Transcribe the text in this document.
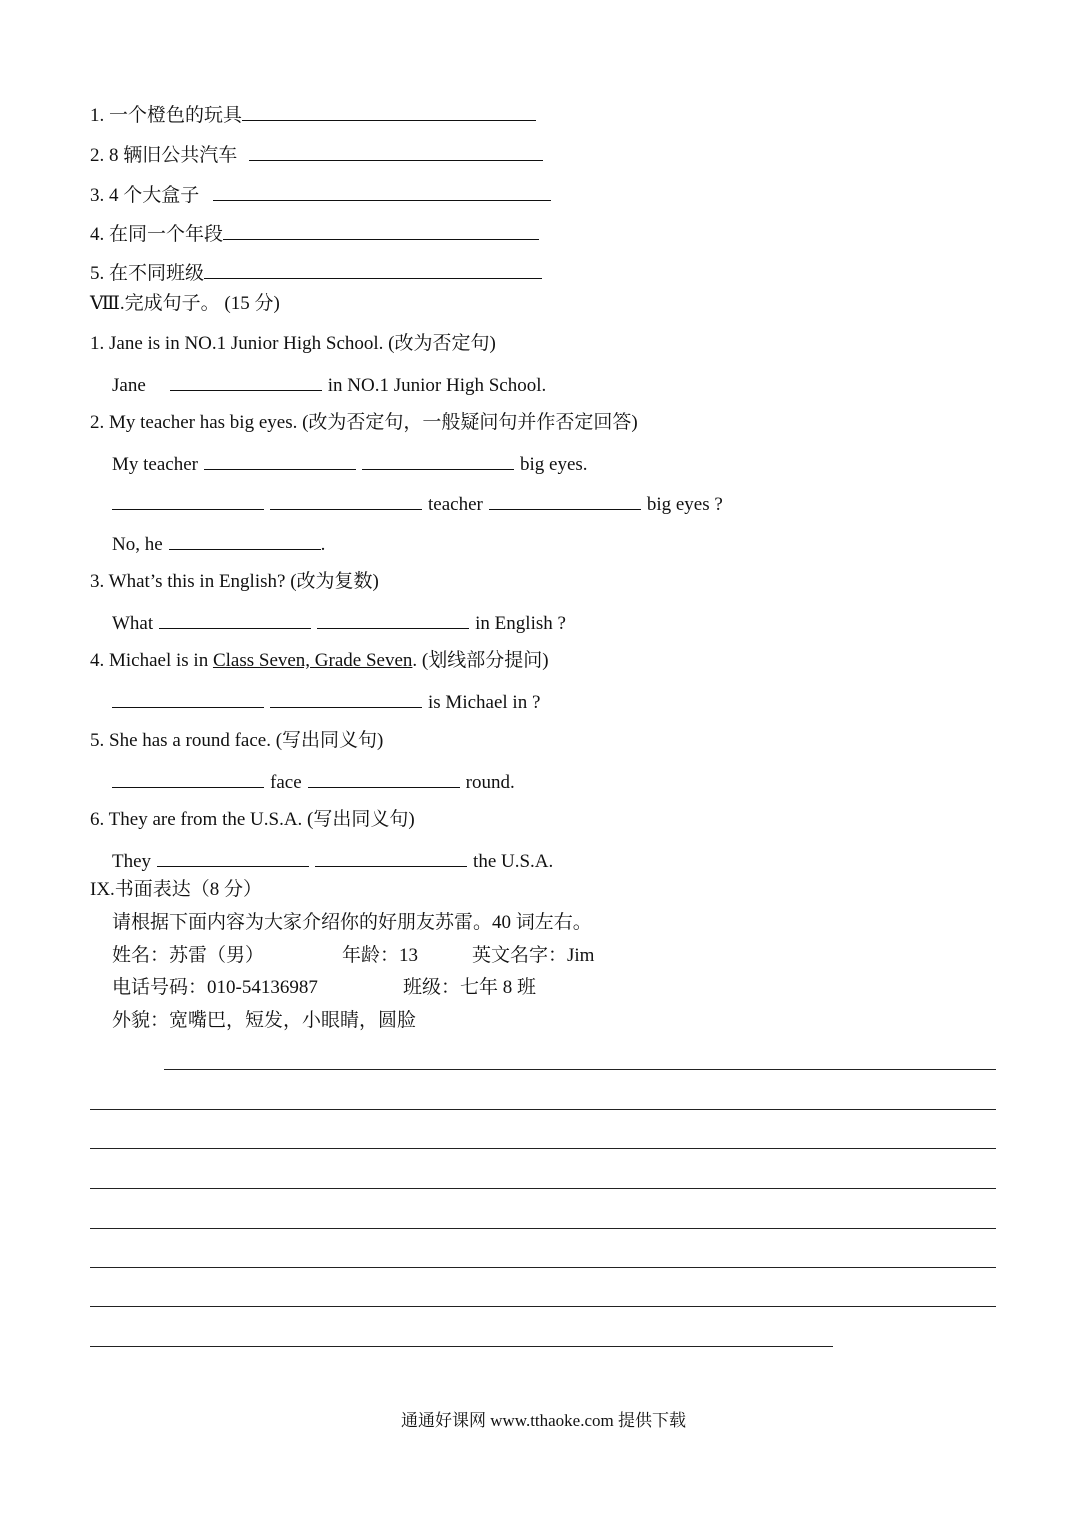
1. 一个橙色的玩具
2. 8 辆旧公共汽车
3. 4 个大盒子
4. 在同一个年段
5. 在不同班级
Ⅷ.完成句子。 (15 分)
1. Jane is in NO.1 Junior High School. (改为否定句)
Jane	in NO.1 Junior High School.
2. My teacher has big eyes. (改为否定句，一般疑问句并作否定回答)
My teacher	big eyes.
teacher	big eyes ?
No, he	.
3. What’s this in English? (改为复数)
What	in English ?
4. Michael is in Class Seven, Grade Seven. (划线部分提问)
is Michael in ?
5. She has a round face. (写出同义句)
face	round.
6. They are from the U.S.A. (写出同义句)
They	the U.S.A.
IX.书面表达（8 分）
请根据下面内容为大家介绍你的好朋友苏雷。40 词左右。
姓名：苏雷（男）	年龄：13	英文名字：Jim
电话号码：010-54136987	班级：七年 8 班
外貌：宽嘴巴，短发，小眼睛，圆脸
通通好课网 www.tthaoke.com 提供下载
